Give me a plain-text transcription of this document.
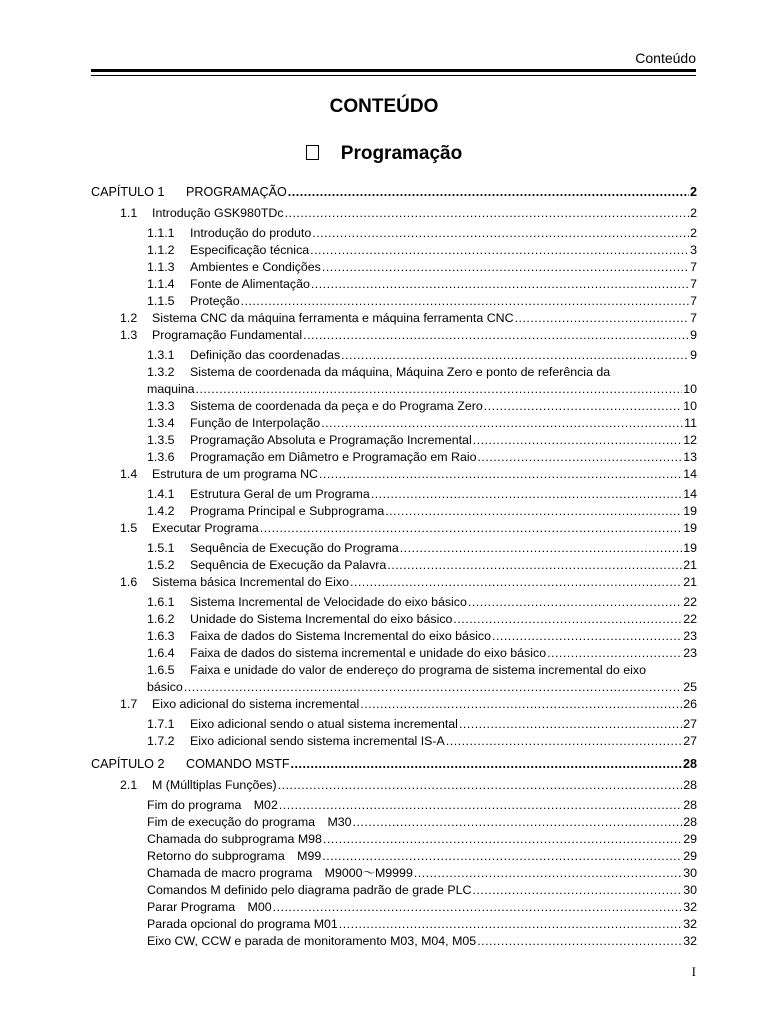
Conteúdo
CONTEÚDO
Programação
CAPÍTULO 1	PROGRAMAÇÃO .....	2
1.1	Introdução GSK980TDc .....	2
1.1.1	Introdução do produto .....	2
1.1.2	Especificação técnica .....	3
1.1.3	Ambientes e Condições .....	7
1.1.4	Fonte de Alimentação .....	7
1.1.5	Proteção .....	7
1.2	Sistema CNC da máquina ferramenta e máquina ferramenta CNC .....	7
1.3	Programação Fundamental .....	9
1.3.1	Definição das coordenadas .....	9
1.3.2	Sistema de coordenada da máquina, Máquina Zero e ponto de referência da
maquina .....	10
1.3.3	Sistema de coordenada da peça e do Programa Zero .....	10
1.3.4	Função de Interpolação .....	11
1.3.5	Programação Absoluta e Programação Incremental .....	12
1.3.6	Programação em Diâmetro e Programação em Raio .....	13
1.4	Estrutura de um programa NC .....	14
1.4.1	Estrutura Geral de um Programa .....	14
1.4.2	Programa Principal e Subprograma .....	19
1.5	Executar Programa .....	19
1.5.1	Sequência de Execução do Programa .....	19
1.5.2	Sequência de Execução da Palavra .....	21
1.6	Sistema básica Incremental do Eixo .....	21
1.6.1	Sistema Incremental de Velocidade do eixo básico .....	22
1.6.2	Unidade do Sistema Incremental do eixo básico .....	22
1.6.3	Faixa de dados do Sistema Incremental do eixo básico .....	23
1.6.4	Faixa de dados do sistema incremental e unidade do eixo básico .....	23
1.6.5	Faixa e unidade do valor de endereço do programa de sistema incremental do eixo
básico .....	25
1.7	Eixo adicional do sistema incremental .....	26
1.7.1	Eixo adicional sendo o atual sistema incremental .....	27
1.7.2	Eixo adicional sendo sistema incremental IS-A .....	27
CAPÍTULO 2	COMANDO MSTF .....	28
2.1	M (Múlltiplas Funções) .....	28
Fim do programa　M02 .....	28
Fim de execução do programa　M30 .....	28
Chamada do subprograma M98 .....	29
Retorno do subprograma　M99 .....	29
Chamada de macro programa　M9000～M9999 .....	30
Comandos M definido pelo diagrama padrão de grade PLC .....	30
Parar Programa　M00 .....	32
Parada opcional do programa M01 .....	32
Eixo CW, CCW e parada de monitoramento M03, M04, M05 .....	32
I
